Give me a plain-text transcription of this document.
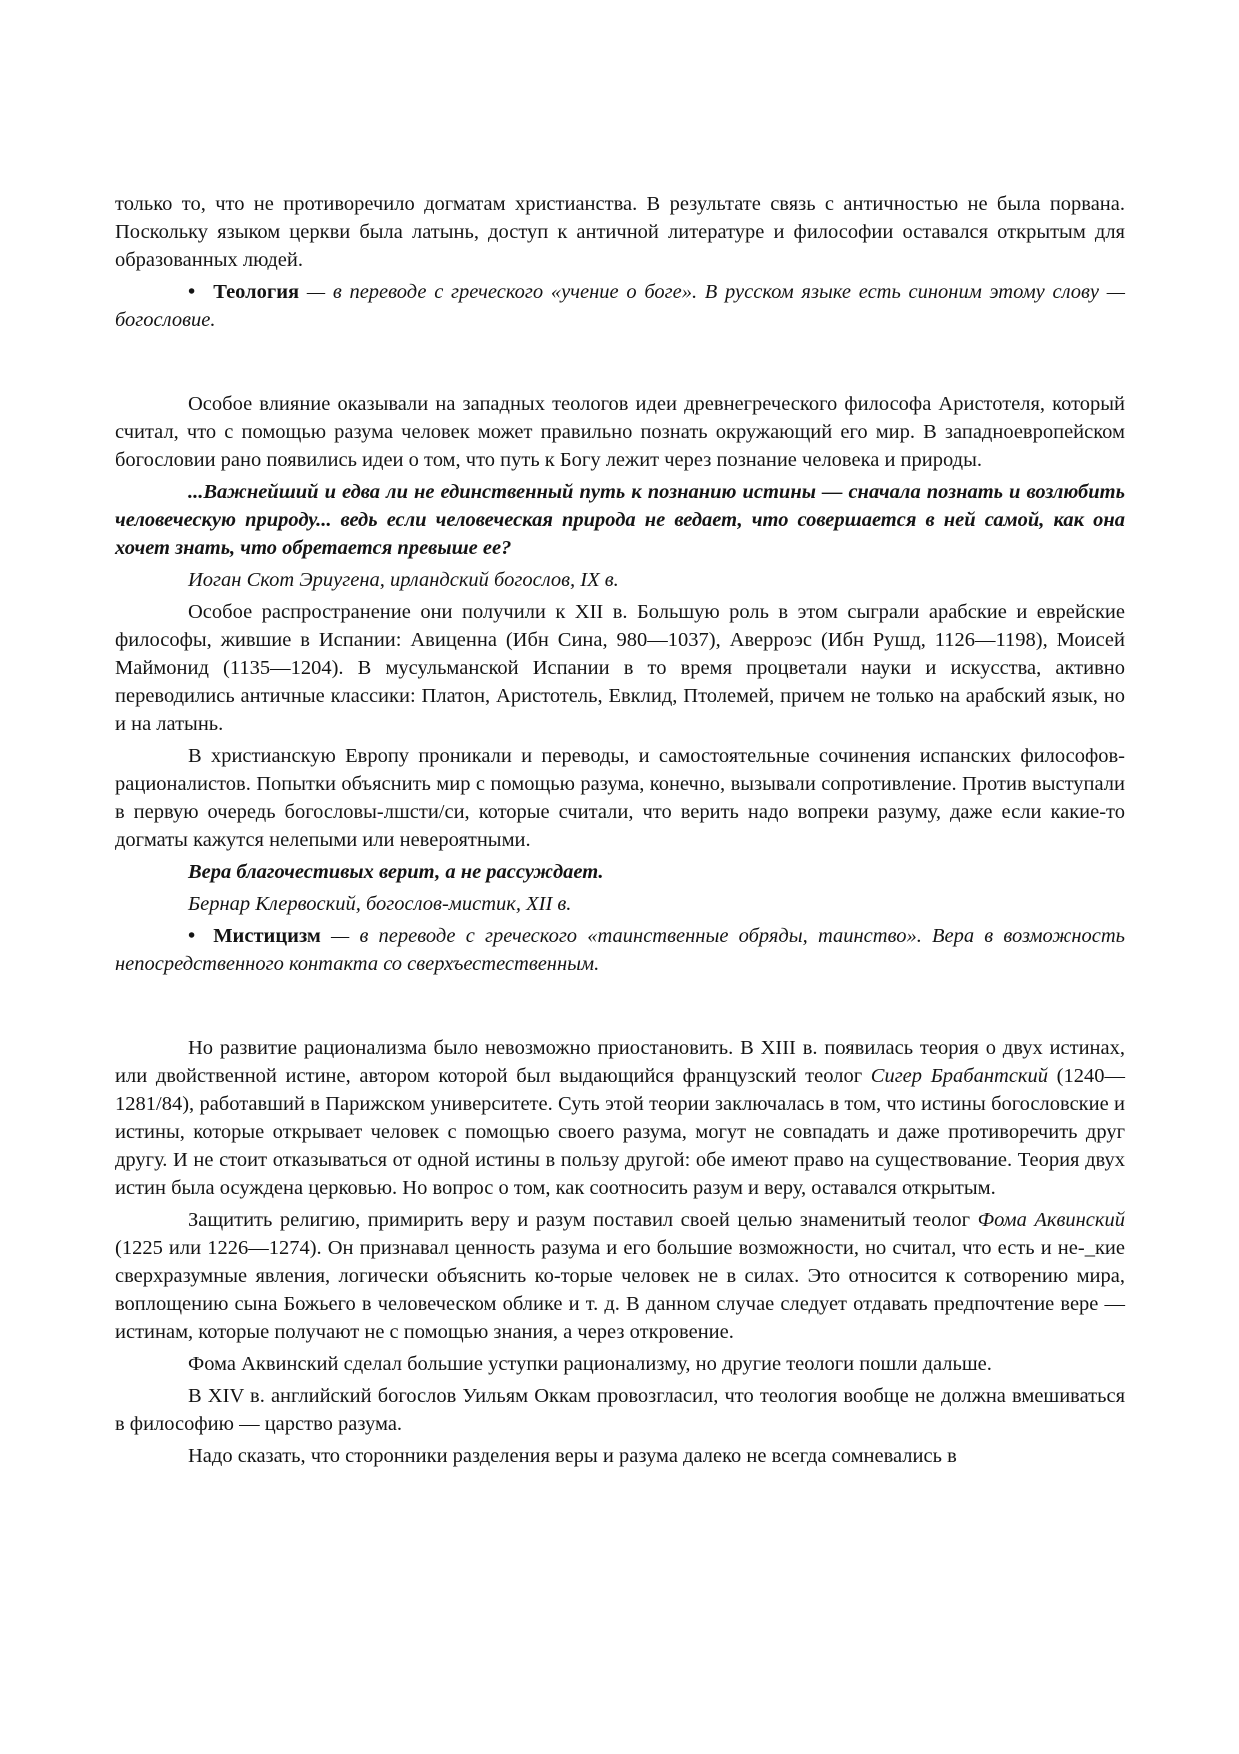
только то, что не противоречило догматам христианства. В результате связь с античностью не была порвана. Поскольку языком церкви была латынь, доступ к античной литературе и философии оставался открытым для образованных людей.

• Теология — в переводе с греческого «учение о боге». В русском языке есть синоним этому слову — богословие.

Особое влияние оказывали на западных теологов идеи древнегреческого философа Аристотеля, который считал, что с помощью разума человек может правильно познать окружающий его мир. В западноевропейском богословии рано появились идеи о том, что путь к Богу лежит через познание человека и природы.

...Важнейший и едва ли не единственный путь к познанию истины — сначала познать и возлюбить человеческую природу... ведь если человеческая природа не ведает, что совершается в ней самой, как она хочет знать, что обретается превыше ее?

Иоган Скот Эриугена, ирландский богослов, IX в.

Особое распространение они получили к XII в. Большую роль в этом сыграли арабские и еврейские философы, жившие в Испании: Авиценна (Ибн Сина, 980—1037), Аверроэс (Ибн Рушд, 1126—1198), Моисей Маймонид (1135—1204). В мусульманской Испании в то время процветали науки и искусства, активно переводились античные классики: Платон, Аристотель, Евклид, Птолемей, причем не только на арабский язык, но и на латынь.

В христианскую Европу проникали и переводы, и самостоятельные сочинения испанских философов-рационалистов. Попытки объяснить мир с помощью разума, конечно, вызывали сопротивление. Против выступали в первую очередь богословы-лшсти/си, которые считали, что верить надо вопреки разуму, даже если какие-то догматы кажутся нелепыми или невероятными.

Вера благочестивых верит, а не рассуждает.

Бернар Клервоский, богослов-мистик, XII в.

• Мистицизм — в переводе с греческого «таинственные обряды, таинство». Вера в возможность непосредственного контакта со сверхъестественным.

Но развитие рационализма было невозможно приостановить. В XIII в. появилась теория о двух истинах, или двойственной истине, автором которой был выдающийся французский теолог Сигер Брабантский (1240—1281/84), работавший в Парижском университете. Суть этой теории заключалась в том, что истины богословские и истины, которые открывает человек с помощью своего разума, могут не совпадать и даже противоречить друг другу. И не стоит отказываться от одной истины в пользу другой: обе имеют право на существование. Теория двух истин была осуждена церковью. Но вопрос о том, как соотносить разум и веру, оставался открытым.

Защитить религию, примирить веру и разум поставил своей целью знаменитый теолог Фома Аквинский (1225 или 1226—1274). Он признавал ценность разума и его большие возможности, но считал, что есть и не-_кие сверхразумные явления, логически объяснить ко-торые человек не в силах. Это относится к сотворению мира, воплощению сына Божьего в человеческом облике и т. д. В данном случае следует отдавать предпочтение вере — истинам, которые получают не с помощью знания, а через откровение.

Фома Аквинский сделал большие уступки рационализму, но другие теологи пошли дальше.

В XIV в. английский богослов Уильям Оккам провозгласил, что теология вообще не должна вмешиваться в философию — царство разума.

Надо сказать, что сторонники разделения веры и разума далеко не всегда сомневались в
